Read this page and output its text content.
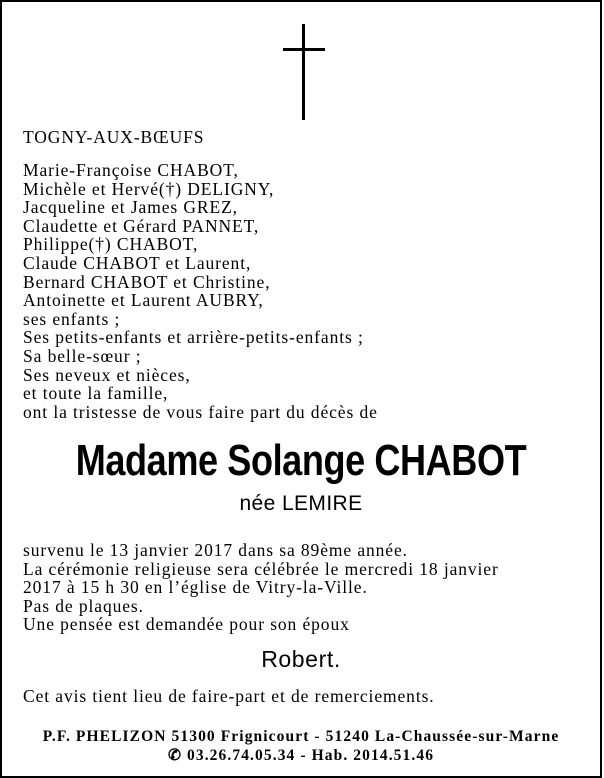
TOGNY-AUX-BŒUFS
Marie-Françoise CHABOT,
Michèle et Hervé(†) DELIGNY,
Jacqueline et James GREZ,
Claudette et Gérard PANNET,
Philippe(†) CHABOT,
Claude CHABOT et Laurent,
Bernard CHABOT et Christine,
Antoinette et Laurent AUBRY,
ses enfants ;
Ses petits-enfants et arrière-petits-enfants ;
Sa belle-sœur ;
Ses neveux et nièces,
et toute la famille,
ont la tristesse de vous faire part du décès de
Madame Solange CHABOT
née LEMIRE
survenu le 13 janvier 2017 dans sa 89ème année.
La cérémonie religieuse sera célébrée le mercredi 18 janvier
2017 à 15 h 30 en l’église de Vitry-la-Ville.
Pas de plaques.
Une pensée est demandée pour son époux
Robert.
Cet avis tient lieu de faire-part et de remerciements.
P.F. PHELIZON 51300 Frignicourt - 51240 La-Chaussée-sur-Marne
✆ 03.26.74.05.34 - Hab. 2014.51.46
